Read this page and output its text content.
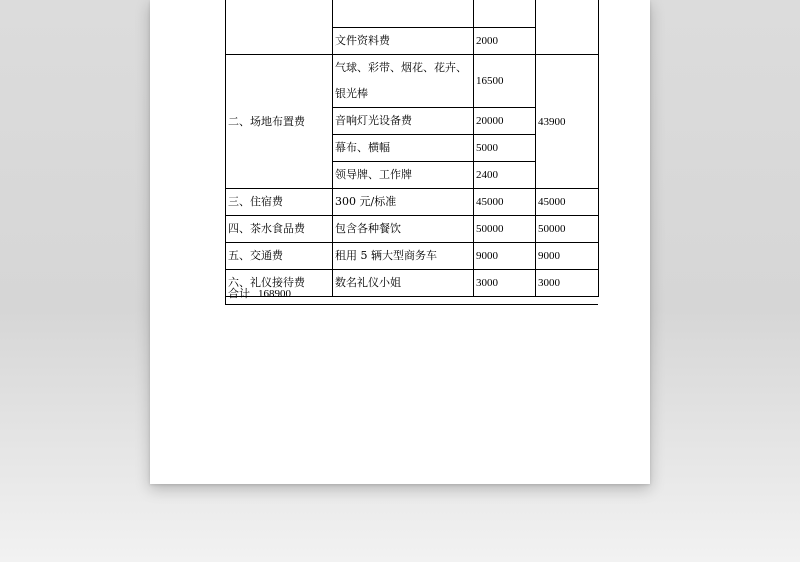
	文件资料费	2000	
二、场地布置费	气球、彩带、烟花、花卉、银光棒	16500	43900
	音响灯光设备费	20000	
	幕布、横幅	5000	
	领导牌、工作牌	2400	
三、住宿费	300 元/标准	45000	45000
四、茶水食品费	包含各种餐饮	50000	50000
五、交通费	租用 5 辆大型商务车	9000	9000
六、礼仪接待费	数名礼仪小姐	3000	3000
合计 168900
